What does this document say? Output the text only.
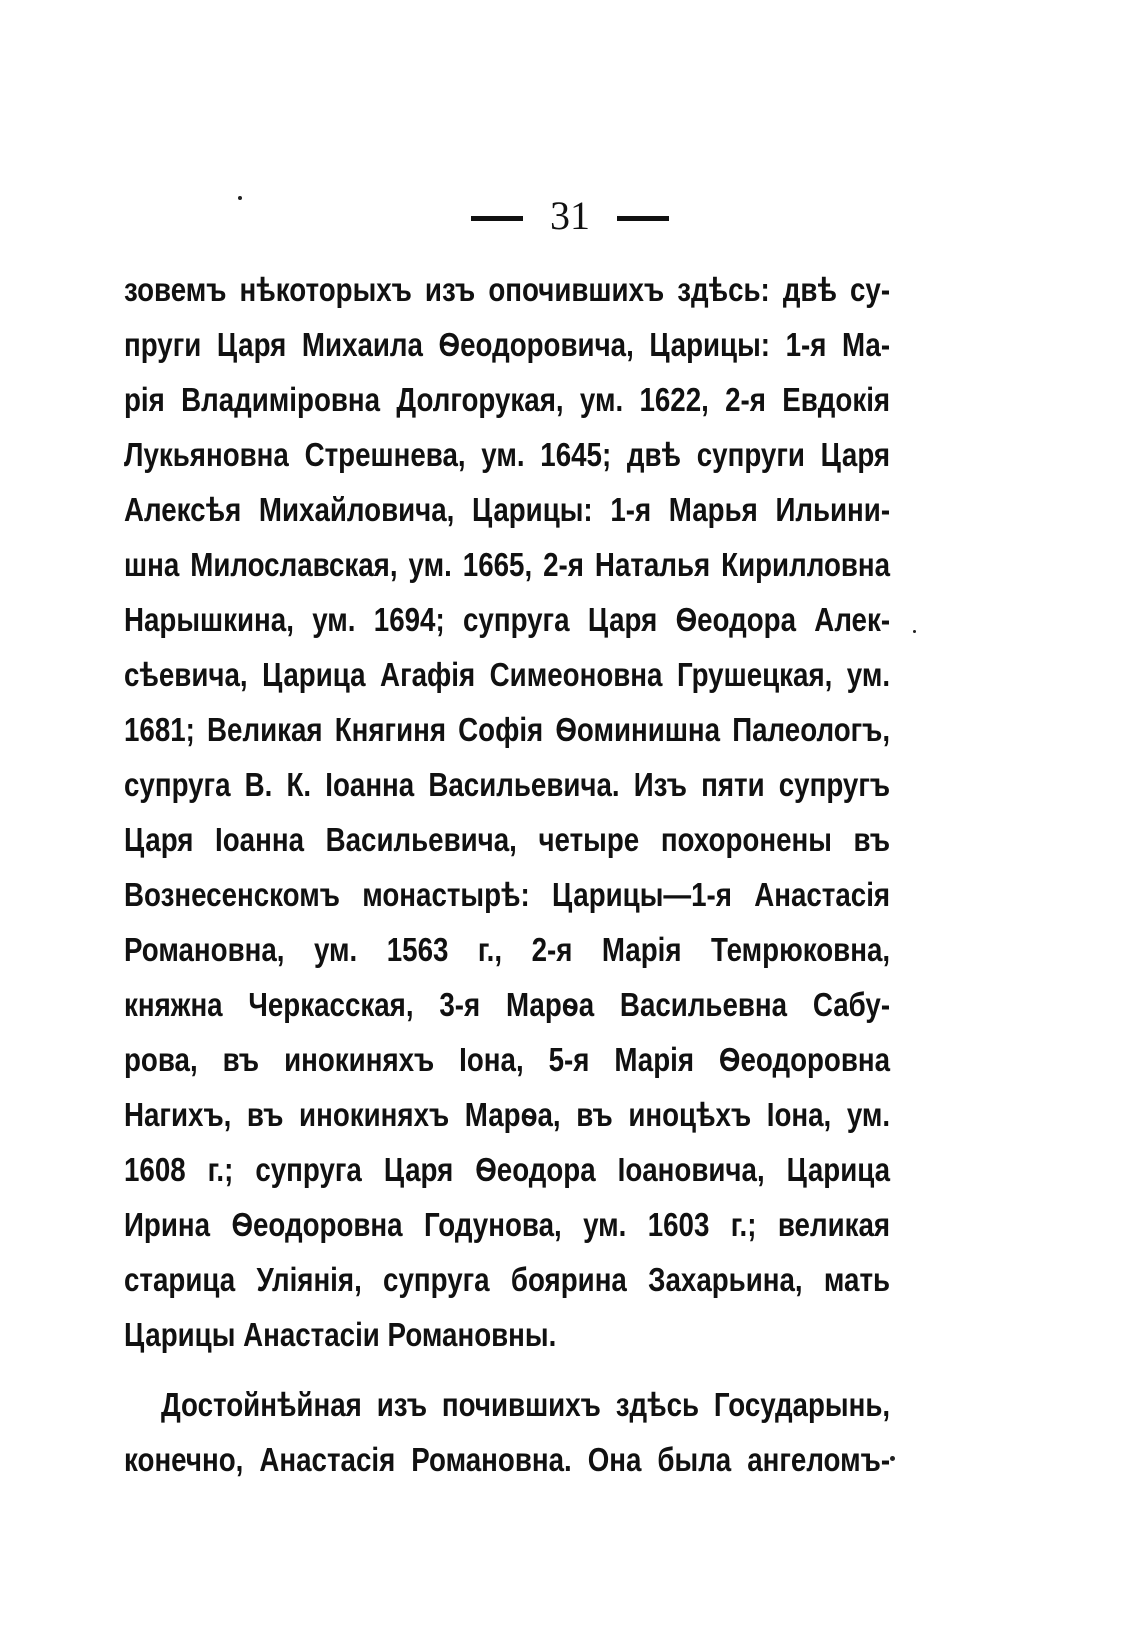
31
зовемъ нѣкоторыхъ изъ опочившихъ здѣсь: двѣ су-
пруги Царя Михаила Ѳеодоровича, Царицы: 1-я Ма-
рія Владиміровна Долгорукая, ум. 1622, 2-я Евдокія
Лукьяновна Стрешнева, ум. 1645; двѣ супруги Царя
Алексѣя Михайловича, Царицы: 1-я Марья Ильини-
шна Милославская, ум. 1665, 2-я Наталья Кирилловна
Нарышкина, ум. 1694; супруга Царя Ѳеодора Алек-
сѣевича, Царица Агафія Симеоновна Грушецкая, ум.
1681; Великая Княгиня Софія Ѳоминишна Палеологъ,
супруга В. К. Іоанна Васильевича. Изъ пяти супругъ
Царя Іоанна Васильевича, четыре похоронены въ
Вознесенскомъ монастырѣ: Царицы—1-я Анастасія
Романовна, ум. 1563 г., 2-я Марія Темрюковна,
княжна Черкасская, 3-я Марѳа Васильевна Сабу-
рова, въ инокиняхъ Іона, 5-я Марія Ѳеодоровна
Нагихъ, въ инокиняхъ Марѳа, въ иноцѣхъ Іона, ум.
1608 г.; супруга Царя Ѳеодора Іоановича, Царица
Ирина Ѳеодоровна Годунова, ум. 1603 г.; великая
старица Уліянія, супруга боярина Захарьина, мать
Царицы Анастасіи Романовны.
Достойнѣйная изъ почившихъ здѣсь Государынь,
конечно, Анастасія Романовна. Она была ангеломъ-
